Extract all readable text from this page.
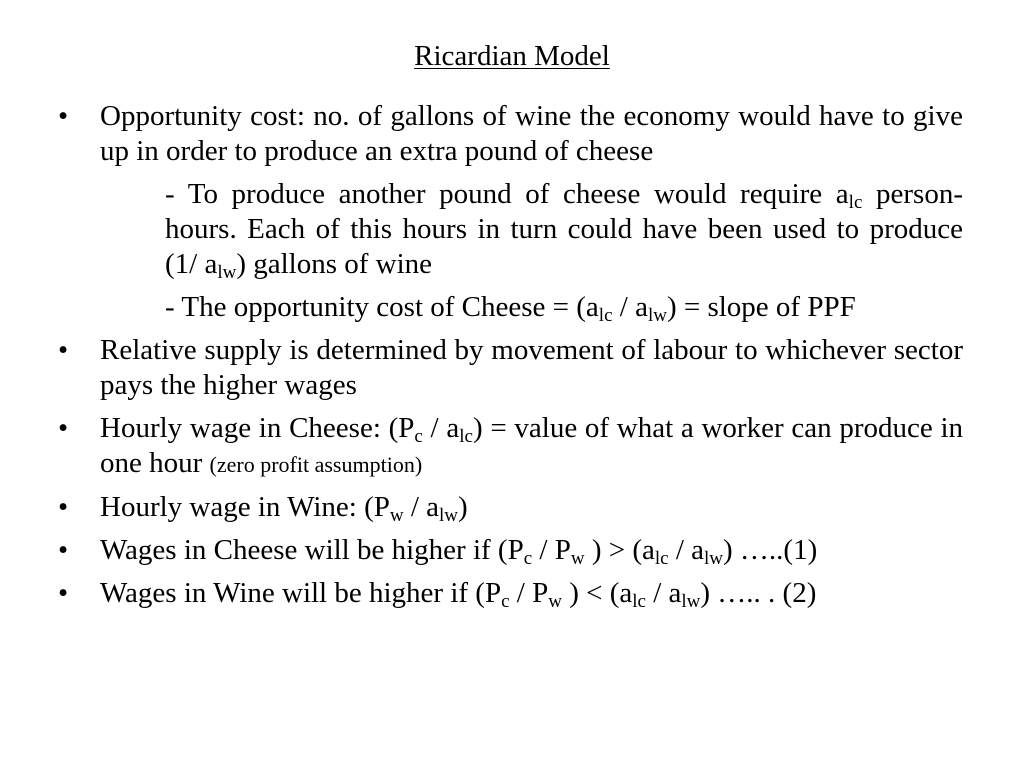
Ricardian Model
•	Opportunity cost: no. of gallons of wine the economy would have to give up in order to produce an extra pound of cheese
- To produce another pound of cheese would require $a_{lc}$ person-hours. Each of this hours in turn could have been used to produce (1/ $a_{lw}$) gallons of wine
- The opportunity cost of Cheese = $(a_{lc} / a_{lw})$ = slope of PPF
•	Relative supply is determined by movement of labour to whichever sector pays the higher wages
•	Hourly wage in Cheese: $(P_c / a_{lc})$ = value of what a worker can produce in one hour (zero profit assumption)
•	Hourly wage in Wine: $(P_w / a_{lw})$
•	Wages in Cheese will be higher if ($P_c / P_w$ ) > $(a_{lc} / a_{lw})$ …..(1)
•	Wages in Wine will be higher if ($P_c / P_w$ ) < $(a_{lc} / a_{lw})$ ….. . (2)
